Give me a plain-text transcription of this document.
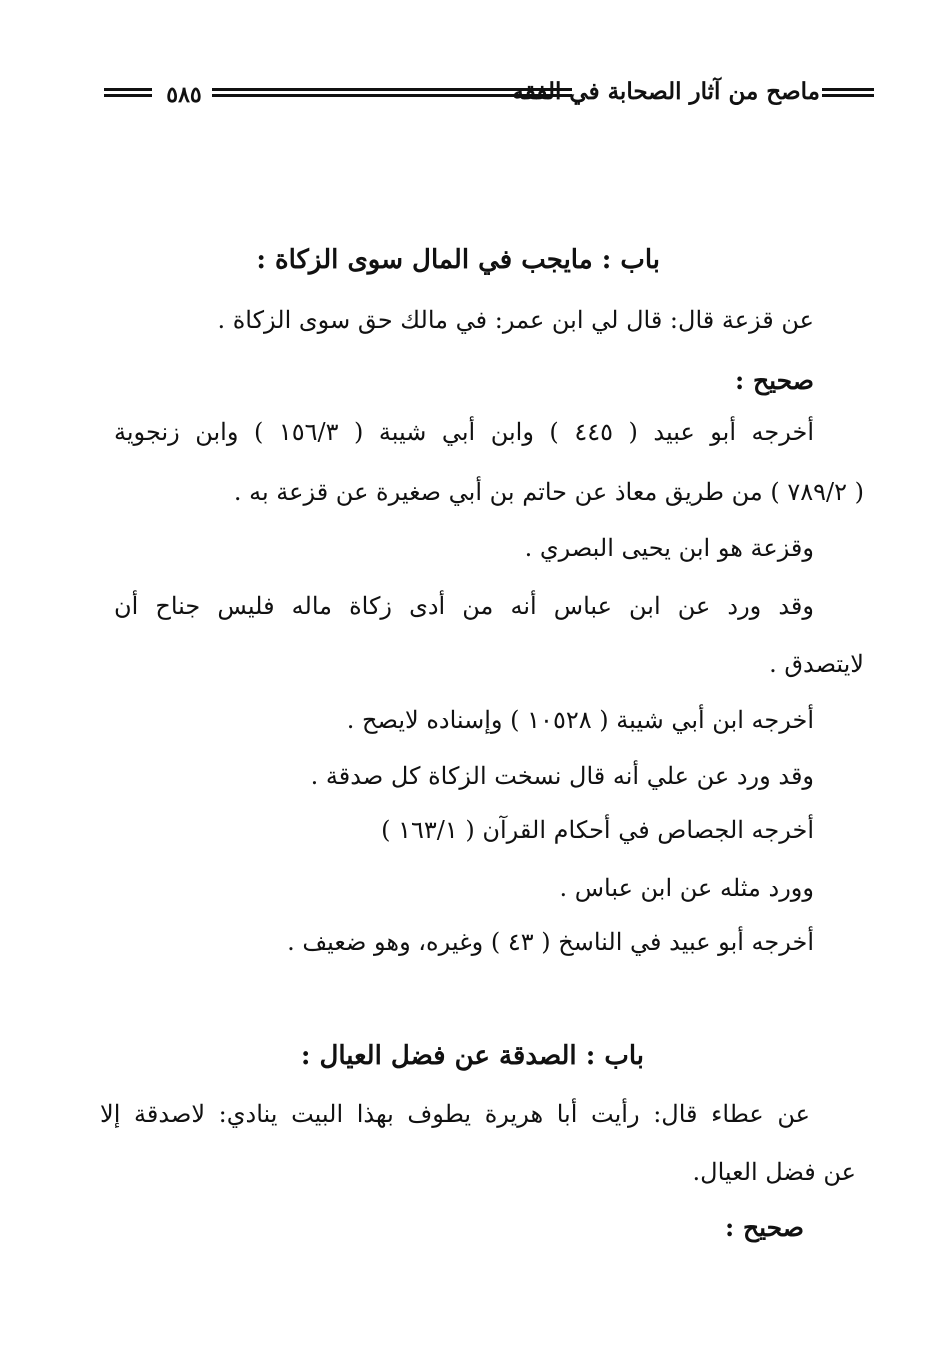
٥٨٥	ماصح من آثار الصحابة في الفقه
باب : مايجب في المال سوى الزكاة :
عن قزعة قال: قال لي ابن عمر: في مالك حق سوى الزكاة .
صحيح :
أخرجه أبو عبيد ( ٤٤٥ ) وابن أبي شيبة ( ١٥٦/٣ ) وابن زنجوية
( ٧٨٩/٢ ) من طريق معاذ عن حاتم بن أبي صغيرة عن قزعة به .
وقزعة هو ابن يحيى البصري .
وقد ورد عن ابن عباس أنه من أدى زكاة ماله فليس جناح أن
لايتصدق .
أخرجه ابن أبي شيبة ( ١٠٥٢٨ ) وإسناده لايصح .
وقد ورد عن علي أنه قال نسخت الزكاة كل صدقة .
أخرجه الجصاص في أحكام القرآن ( ١٦٣/١ )
وورد مثله عن ابن عباس .
أخرجه أبو عبيد في الناسخ ( ٤٣ ) وغيره، وهو ضعيف .
باب : الصدقة عن فضل العيال :
عن عطاء قال: رأيت أبا هريرة يطوف بهذا البيت ينادي: لاصدقة إلا
عن فضل العيال.
صحيح :
